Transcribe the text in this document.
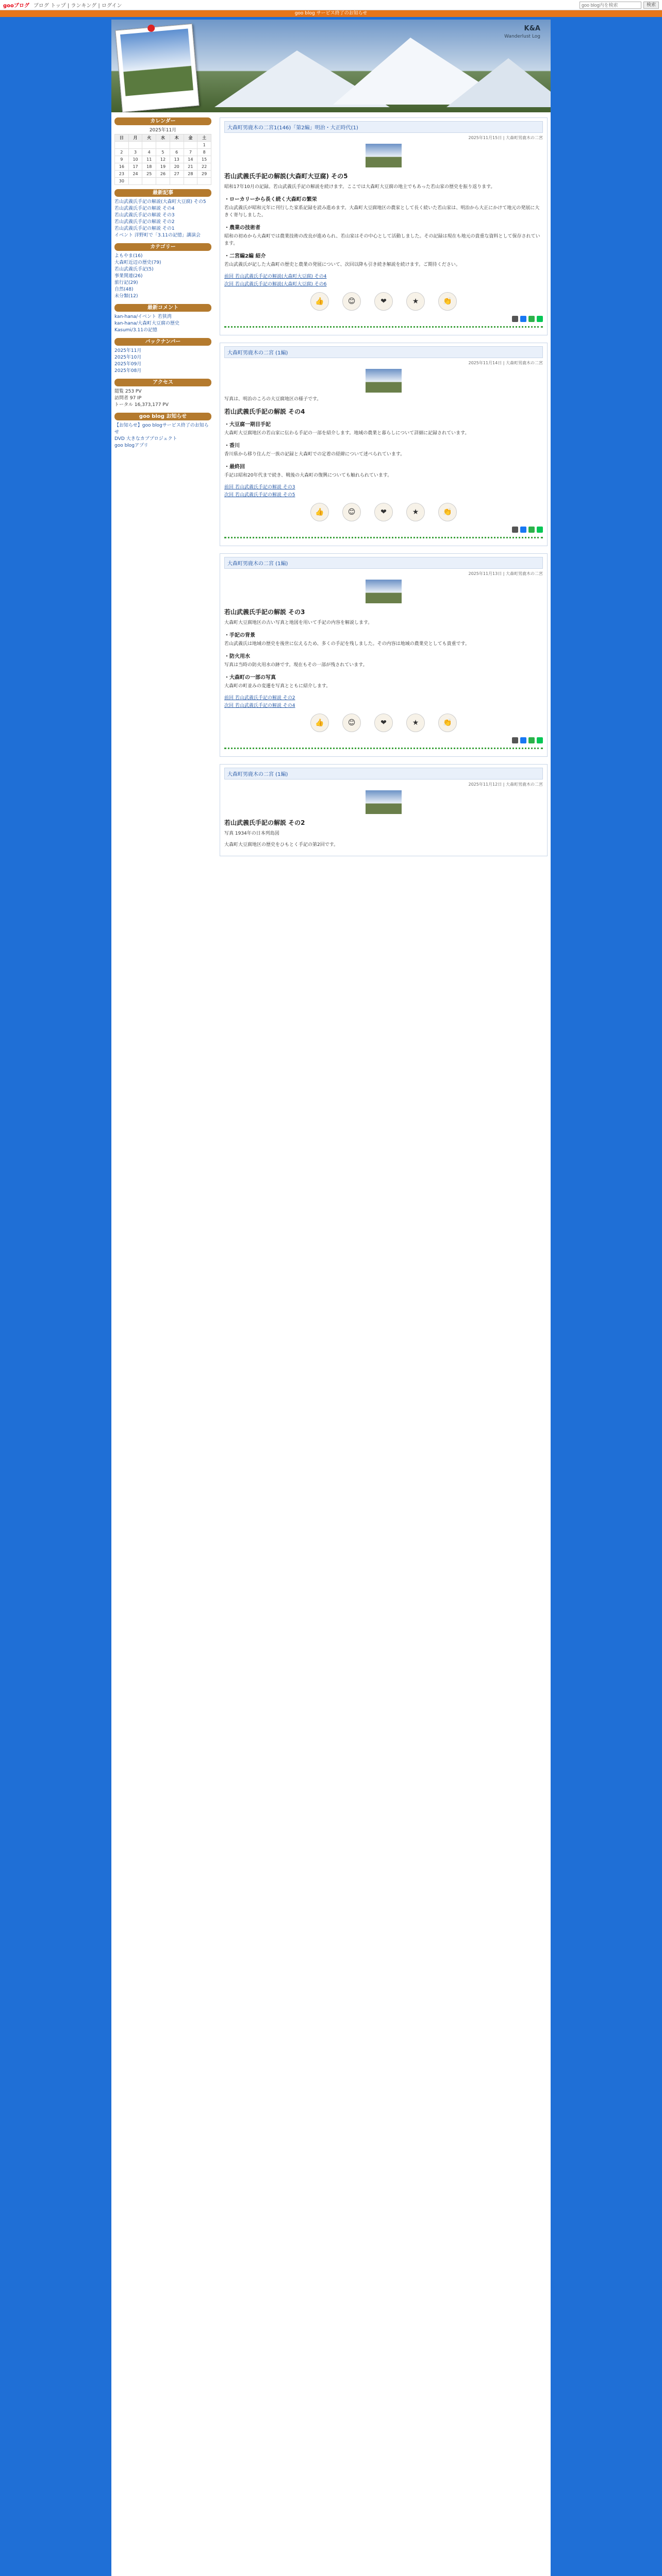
gooブログ ブログ トップ | ランキング | ログイン
goo blog内を検索	検索
goo blog サービス終了のお知らせ
K&A
Wanderlust Log
カレンダー
2025年11月
日	月	火	水	木	金	土
						1
2	3	4	5	6	7	8
9	10	11	12	13	14	15
16	17	18	19	20	21	22
23	24	25	26	27	28	29
30						
最新記事
若山武義氏手記の解説(大森町大豆腐) その5
若山武義氏手記の解説 その4
若山武義氏手記の解説 その3
若山武義氏手記の解説 その2
若山武義氏手記の解説 その1
イベント 洋野町で「3.11の記憶」講演会
カテゴリー
よもやま(16)
大森町近辺の歴史(79)
若山武義氏手記(5)
事業関連(26)
旅行記(29)
自然(48)
未分類(12)
最新コメント
kan-hana/イベント 若狭湾
kan-hana/大森町大豆腐の歴史
Kasumi/3.11の記憶
バックナンバー
2025年11月
2025年10月
2025年09月
2025年08月
アクセス
閲覧 253 PV
訪問者 97 IP
トータル 16,373,177 PV
goo blog お知らせ
【お知らせ】goo blogサービス終了のお知らせ
DVD 大きなカブプロジェクト
goo blogアプリ
大森町男鹿木の二宮1(146)「第2編」明治・大正時代(1)
2025年11月15日 | 大森町男鹿木の二宮
若山武義氏手記の解説(大森町大豆腐) その5

昭和17年10月の記録。若山武義氏手記の解説を続けます。ここでは大森町大豆腐の地主でもあった若山家の歴史を振り返ります。

・ローカリーから長く続く大森町の繁栄

若山武義氏が昭和元年に刊行した家系記録を読み進めます。大森町大豆腐地区の農家として長く続いた若山家は、明治から大正にかけて地元の発展に大きく寄与しました。

・農業の技術者

昭和の初めから大森町では農業技術の改良が進められ、若山家はその中心として活動しました。その記録は現在も地元の貴重な資料として保存されています。

・二宮編2編 紹介

若山武義氏が記した大森町の歴史と農業の発展について、次回以降も引き続き解説を続けます。ご期待ください。

前回 若山武義氏手記の解説(大森町大豆腐) その4
次回 若山武義氏手記の解説(大森町大豆腐) その6
👍	😊	❤	★	👏
大森町男鹿木の二宮 (1編)
2025年11月14日 | 大森町男鹿木の二宮

写真は、明治のころの大豆腐地区の様子です。

若山武義氏手記の解説 その4
・大豆腐一期目手記

大森町大豆腐地区の若山家に伝わる手記の一部を紹介します。地域の農業と暮らしについて詳細に記録されています。

・香川

香川県から移り住んだ一族の記録と大森町での定着の経緯について述べられています。

・最終回

手記は昭和20年代まで続き、戦後の大森町の復興についても触れられています。

前回 若山武義氏手記の解説 その3
次回 若山武義氏手記の解説 その5
👍	😊	❤	★	👏
大森町男鹿木の二宮 (1編)
2025年11月13日 | 大森町男鹿木の二宮
若山武義氏手記の解説 その3

大森町大豆腐地区の古い写真と地図を用いて手記の内容を解説します。

・手記の背景

若山武義氏は地域の歴史を後世に伝えるため、多くの手記を残しました。その内容は地域の農業史としても貴重です。

・防火用水

写真は当時の防火用水の跡です。現在もその一部が残されています。

・大森町の一部の写真

大森町の町並みの変遷を写真とともに紹介します。

前回 若山武義氏手記の解説 その2
次回 若山武義氏手記の解説 その4
👍	😊	❤	★	👏
大森町男鹿木の二宮 (1編)
2025年11月12日 | 大森町男鹿木の二宮
若山武義氏手記の解説 その2

写真 1934年の日本列島図

大森町大豆腐地区の歴史をひもとく手記の第2回です。
